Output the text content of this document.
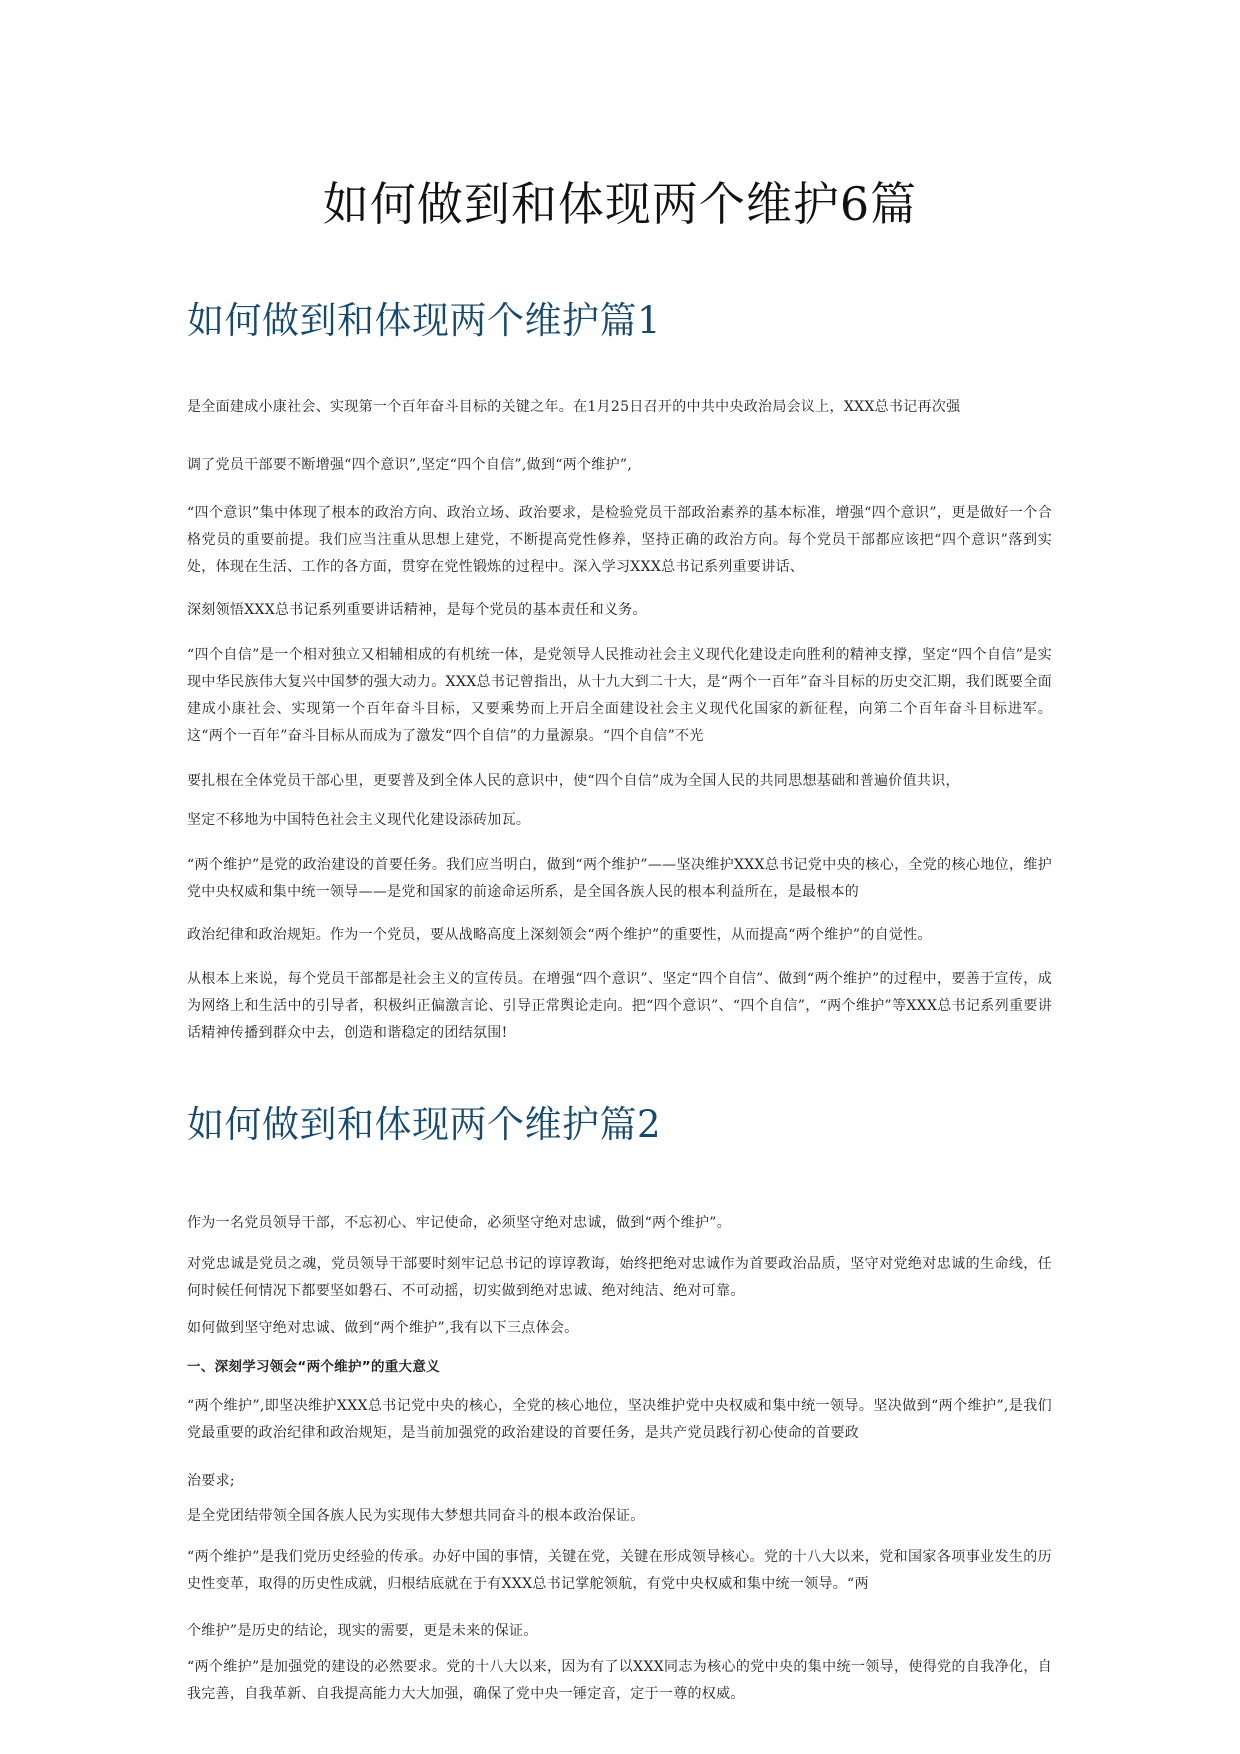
如何做到和体现两个维护6篇
如何做到和体现两个维护篇1

是全面建成小康社会、实现第一个百年奋斗目标的关键之年。在1月25日召开的中共中央政治局会议上，XXX总书记再次强

调了党员干部要不断增强“四个意识”,坚定“四个自信”,做到“两个维护”,

“四个意识”集中体现了根本的政治方向、政治立场、政治要求，是检验党员干部政治素养的基本标准，增强“四个意识”，更是做好一个合格党员的重要前提。我们应当注重从思想上建党，不断提高党性修养，坚持正确的政治方向。每个党员干部都应该把“四个意识”落到实处，体现在生活、工作的各方面，贯穿在党性锻炼的过程中。深入学习XXX总书记系列重要讲话、

深刻领悟XXX总书记系列重要讲话精神，是每个党员的基本责任和义务。

“四个自信”是一个相对独立又相辅相成的有机统一体，是党领导人民推动社会主义现代化建设走向胜利的精神支撑，坚定“四个自信”是实现中华民族伟大复兴中国梦的强大动力。XXX总书记曾指出，从十九大到二十大，是“两个一百年”奋斗目标的历史交汇期，我们既要全面建成小康社会、实现第一个百年奋斗目标，又要乘势而上开启全面建设社会主义现代化国家的新征程，向第二个百年奋斗目标进军。这“两个一百年”奋斗目标从而成为了激发“四个自信”的力量源泉。“四个自信”不光

要扎根在全体党员干部心里，更要普及到全体人民的意识中，使“四个自信”成为全国人民的共同思想基础和普遍价值共识，

坚定不移地为中国特色社会主义现代化建设添砖加瓦。

“两个维护”是党的政治建设的首要任务。我们应当明白，做到“两个维护”——坚决维护XXX总书记党中央的核心，全党的核心地位，维护党中央权威和集中统一领导——是党和国家的前途命运所系，是全国各族人民的根本利益所在，是最根本的

政治纪律和政治规矩。作为一个党员，要从战略高度上深刻领会“两个维护”的重要性，从而提高“两个维护”的自觉性。

从根本上来说，每个党员干部都是社会主义的宣传员。在增强“四个意识”、坚定“四个自信”、做到“两个维护”的过程中，要善于宣传，成为网络上和生活中的引导者，积极纠正偏激言论、引导正常舆论走向。把“四个意识”、“四个自信”，“两个维护”等XXX总书记系列重要讲话精神传播到群众中去，创造和谐稳定的团结氛围!

如何做到和体现两个维护篇2

作为一名党员领导干部，不忘初心、牢记使命，必须坚守绝对忠诚，做到“两个维护”。

对党忠诚是党员之魂，党员领导干部要时刻牢记总书记的谆谆教诲，始终把绝对忠诚作为首要政治品质，坚守对党绝对忠诚的生命线，任何时候任何情况下都要坚如磐石、不可动摇，切实做到绝对忠诚、绝对纯洁、绝对可靠。

如何做到坚守绝对忠诚、做到“两个维护”,我有以下三点体会。

一、深刻学习领会“两个维护”的重大意义

“两个维护”,即坚决维护XXX总书记党中央的核心，全党的核心地位，坚决维护党中央权威和集中统一领导。坚决做到“两个维护”,是我们党最重要的政治纪律和政治规矩，是当前加强党的政治建设的首要任务，是共产党员践行初心使命的首要政

治要求;

是全党团结带领全国各族人民为实现伟大梦想共同奋斗的根本政治保证。

“两个维护”是我们党历史经验的传承。办好中国的事情，关键在党，关键在形成领导核心。党的十八大以来，党和国家各项事业发生的历史性变革，取得的历史性成就，归根结底就在于有XXX总书记掌舵领航，有党中央权威和集中统一领导。“两

个维护”是历史的结论，现实的需要，更是未来的保证。

“两个维护”是加强党的建设的必然要求。党的十八大以来，因为有了以XXX同志为核心的党中央的集中统一领导，使得党的自我净化，自我完善，自我革新、自我提高能力大大加强，确保了党中央一锤定音，定于一尊的权威。
